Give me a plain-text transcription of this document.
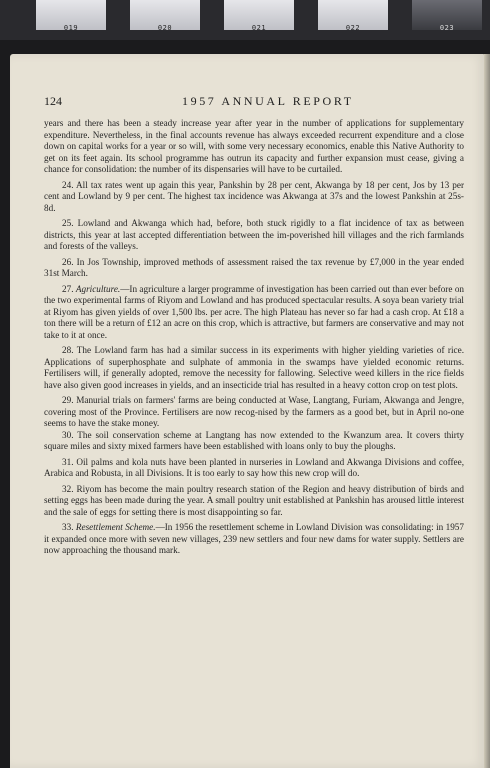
019	020	021	022	023
124	1957 ANNUAL REPORT

years and there has been a steady increase year after year in the number of applications for supplementary expenditure. Nevertheless, in the final accounts revenue has always exceeded recurrent expenditure and a close down on capital works for a year or so will, with some very necessary economics, enable this Native Authority to get on its feet again. Its school programme has outrun its capacity and further expansion must cease, giving a chance for consolidation: the number of its dispensaries will have to be curtailed.

24. All tax rates went up again this year, Pankshin by 28 per cent, Akwanga by 18 per cent, Jos by 13 per cent and Lowland by 9 per cent. The highest tax incidence was Akwanga at 37s and the lowest Pankshin at 25s-8d.

25. Lowland and Akwanga which had, before, both stuck rigidly to a flat incidence of tax as between districts, this year at last accepted differentiation between the im-poverished hill villages and the rich farmlands and forests of the valleys.

26. In Jos Township, improved methods of assessment raised the tax revenue by £7,000 in the year ended 31st March.

27. Agriculture.—In agriculture a larger programme of investigation has been carried out than ever before on the two experimental farms of Riyom and Lowland and has produced spectacular results. A soya bean variety trial at Riyom has given yields of over 1,500 lbs. per acre. The high Plateau has never so far had a cash crop. At £18 a ton there will be a return of £12 an acre on this crop, which is attractive, but farmers are conservative and may not take to it at once.

28. The Lowland farm has had a similar success in its experiments with higher yielding varieties of rice. Applications of superphosphate and sulphate of ammonia in the swamps have yielded economic returns. Fertilisers will, if generally adopted, remove the necessity for fallowing. Selective weed killers in the rice fields have also given good increases in yields, and an insecticide trial has resulted in a heavy cotton crop on test plots.

29. Manurial trials on farmers' farms are being conducted at Wase, Langtang, Furiam, Akwanga and Jengre, covering most of the Province. Fertilisers are now recog-nised by the farmers as a good bet, but in April no-one seems to have the stake money.

30. The soil conservation scheme at Langtang has now extended to the Kwanzum area. It covers thirty square miles and sixty mixed farmers have been established with loans only to buy the ploughs.

31. Oil palms and kola nuts have been planted in nurseries in Lowland and Akwanga Divisions and coffee, Arabica and Robusta, in all Divisions. It is too early to say how this new crop will do.

32. Riyom has become the main poultry research station of the Region and heavy distribution of birds and setting eggs has been made during the year. A small poultry unit established at Pankshin has aroused little interest and the sale of eggs for setting there is most disappointing so far.

33. Resettlement Scheme.—In 1956 the resettlement scheme in Lowland Division was consolidating: in 1957 it expanded once more with seven new villages, 239 new settlers and four new dams for water supply. Settlers are now approaching the thousand mark.
